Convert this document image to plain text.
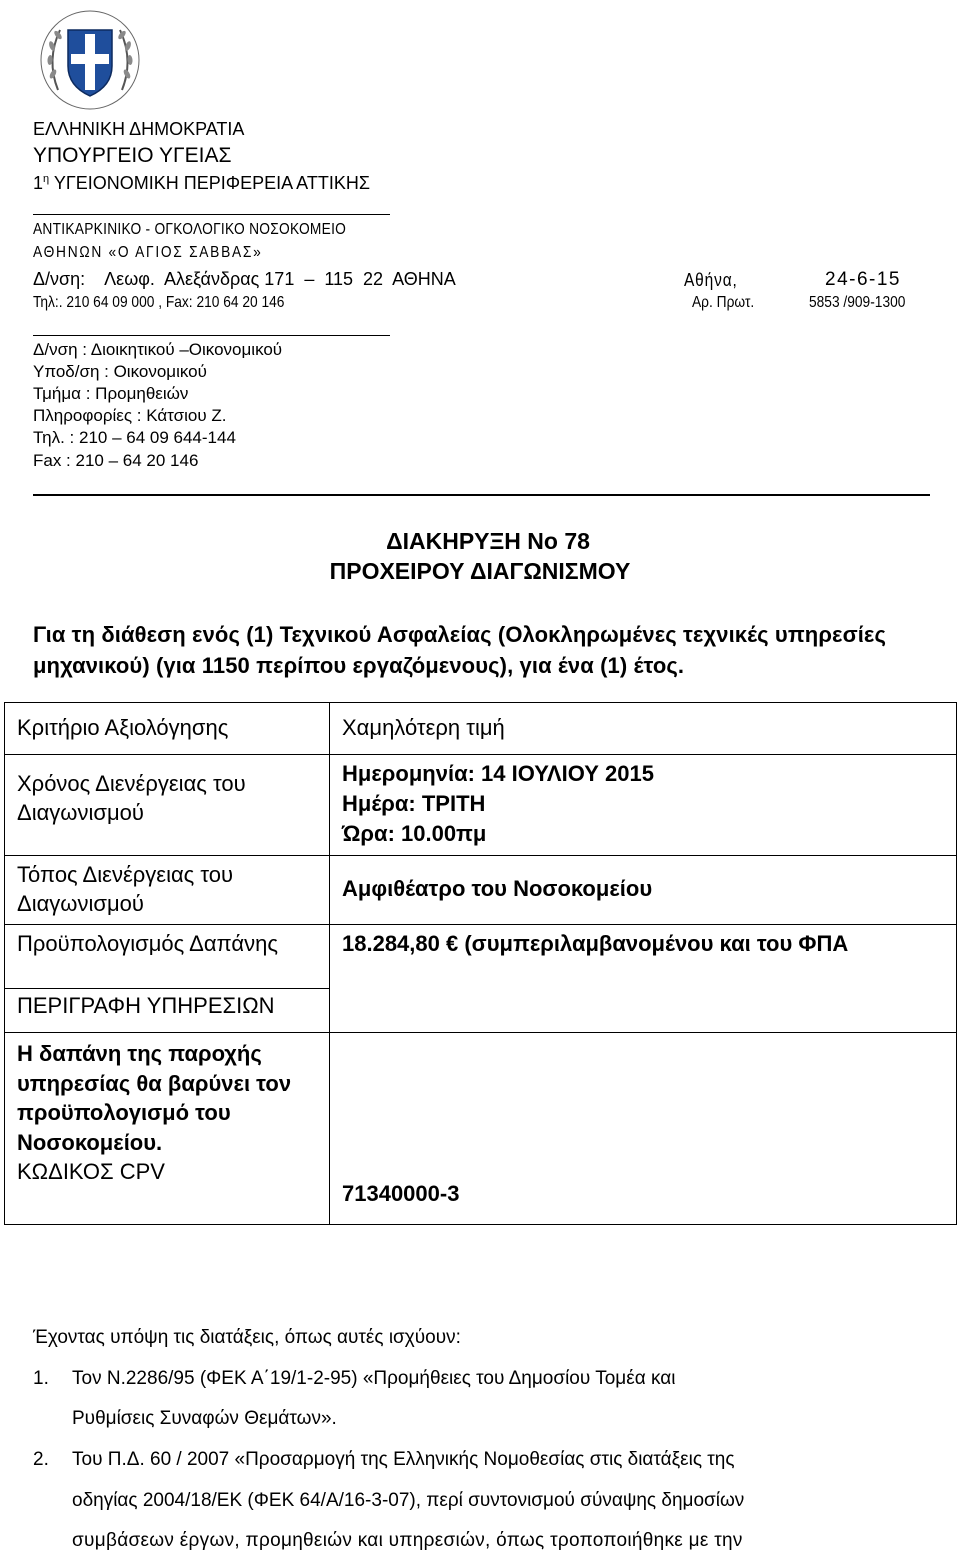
ΕΛΛΗΝΙΚΗ ΔΗΜΟΚΡΑΤΙΑ
ΥΠΟΥΡΓΕΙΟ ΥΓΕΙΑΣ
$1^\eta$ ΥΓΕΙΟΝΟΜΙΚΗ ΠΕΡΙΦΕΡΕΙΑ ΑΤΤΙΚΗΣ
ΑΝΤΙΚΑΡΚΙΝΙΚΟ - ΟΓΚΟΛΟΓΙΚΟ ΝΟΣΟΚΟΜΕΙΟ
ΑΘΗΝΩΝ «Ο ΑΓΙΟΣ ΣΑΒΒΑΣ»
Δ/νση:    Λεωφ.  Αλεξάνδρας 171  –  115  22  ΑΘΗΝΑ
Τηλ:. 210 64 09 000 , Fax: 210 64 20 146
Αθήνα,	24-6-15
Αρ. Πρωτ.	5853 /909-1300
Δ/νση : Διοικητικού –Οικονομικού
Υποδ/ση : Οικονομικού
Τμήμα : Προμηθειών
Πληροφορίες : Κάτσιου Ζ.
Τηλ. : 210 – 64 09 644-144
Fax : 210 – 64 20 146
ΔΙΑΚΗΡΥΞΗ Νο 78
ΠΡΟΧΕΙΡΟΥ ΔΙΑΓΩΝΙΣΜΟΥ
Για τη διάθεση ενός (1) Τεχνικού Ασφαλείας (Ολοκληρωμένες τεχνικές υπηρεσίες μηχανικού) (για 1150 περίπου εργαζόμενους), για ένα (1) έτος.
Κριτήριο Αξιολόγησης	Χαμηλότερη τιμή

Χρόνος Διενέργειας του Διαγωνισμού	Ημερομηνία: 14 ΙΟΥΛΙΟΥ 2015
Ημέρα: ΤΡΙΤΗ
Ώρα: 10.00πμ

Τόπος Διενέργειας του Διαγωνισμού	Αμφιθέατρο του Νοσοκομείου

Προϋπολογισμός Δαπάνης	18.284,80 € (συμπεριλαμβανομένου και του ΦΠΑ

ΠΕΡΙΓΡΑΦΗ ΥΠΗΡΕΣΙΩΝ	

Η δαπάνη της παροχής υπηρεσίας θα βαρύνει τον προϋπολογισμό του Νοσοκομείου.
ΚΩΔΙΚΟΣ CPV	71340000-3
Έχοντας υπόψη τις διατάξεις, όπως αυτές ισχύουν:
1. Τον Ν.2286/95 (ΦΕΚ Α΄19/1-2-95) «Προμήθειες του Δημοσίου Τομέα και
Ρυθμίσεις Συναφών Θεμάτων».
2. Του Π.Δ. 60 / 2007 «Προσαρμογή της Ελληνικής Νομοθεσίας στις διατάξεις της
οδηγίας 2004/18/ΕΚ (ΦΕΚ 64/Α/16-3-07), περί συντονισμού σύναψης δημοσίων
συμβάσεων έργων, προμηθειών και υπηρεσιών, όπως τροποποιήθηκε με την
